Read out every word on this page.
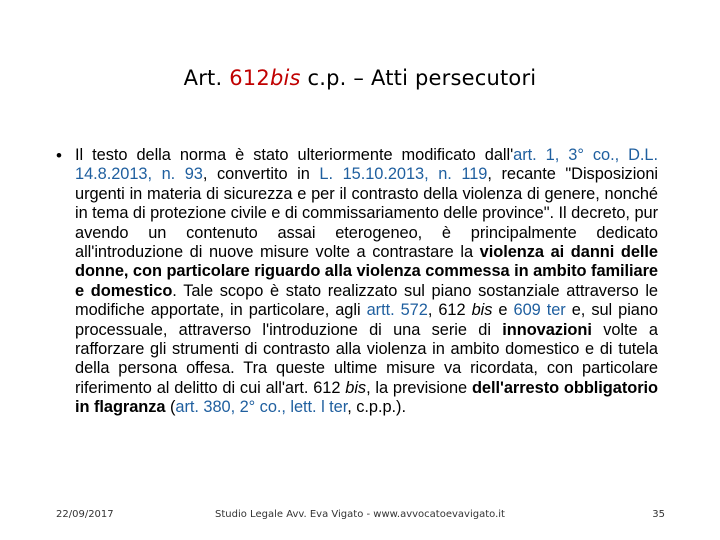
Art. 612bis c.p. – Atti persecutori
• Il testo della norma è stato ulteriormente modificato dall'art. 1, 3° co., D.L. 14.8.2013, n. 93, convertito in L. 15.10.2013, n. 119, recante "Disposizioni urgenti in materia di sicurezza e per il contrasto della violenza di genere, nonché in tema di protezione civile e di commissariamento delle province". Il decreto, pur avendo un contenuto assai eterogeneo, è principalmente dedicato all'introduzione di nuove misure volte a contrastare la violenza ai danni delle donne, con particolare riguardo alla violenza commessa in ambito familiare e domestico. Tale scopo è stato realizzato sul piano sostanziale attraverso le modifiche apportate, in particolare, agli artt. 572, 612 bis e 609 ter e, sul piano processuale, attraverso l'introduzione di una serie di innovazioni volte a rafforzare gli strumenti di contrasto alla violenza in ambito domestico e di tutela della persona offesa. Tra queste ultime misure va ricordata, con particolare riferimento al delitto di cui all'art. 612 bis, la previsione dell'arresto obbligatorio in flagranza (art. 380, 2° co., lett. l ter, c.p.p.).
22/09/2017	Studio Legale Avv. Eva Vigato - www.avvocatoevavigato.it	35
